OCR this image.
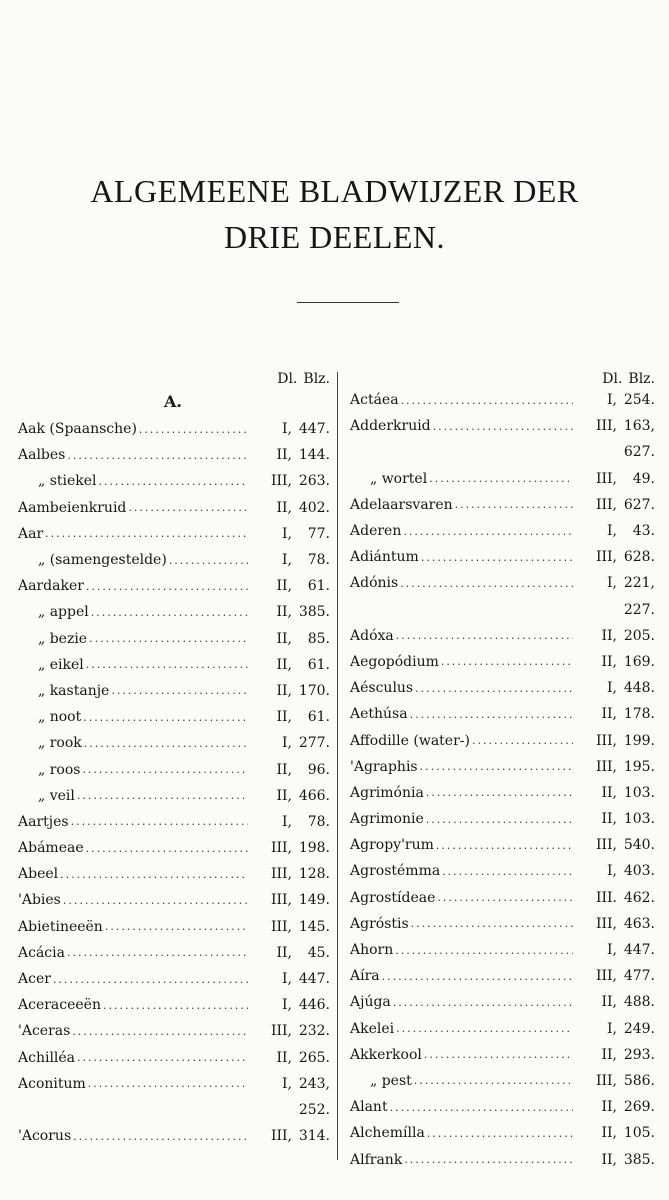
ALGEMEENE BLADWIJZER DER
DRIE DEELEN.
Dl. Blz.
A.
Aak (Spaansche) .....	I, 447.
Aalbes .....	II, 144.
„ stiekel .....	III, 263.
Aambeienkruid .....	II, 402.
Aar .....	I,	77.
„ (samengestelde) .....	I,	78.
Aardaker .....	II,	61.
„ appel .....	II, 385.
„ bezie .....	II,	85.
„ eikel .....	II,	61.
„ kastanje .....	II, 170.
„ noot .....	II,	61.
„ rook .....	I, 277.
„ roos .....	II,	96.
„ veil .....	II, 466.
Aartjes .....	I,	78.
Abámeae .....	III, 198.
Abeel .....	III, 128.
'Abies .....	III, 149.
Abietineeën .....	III, 145.
Acácia .....	II,	45.
Acer .....	I, 447.
Aceraceeën .....	I, 446.
'Aceras .....	III, 232.
Achilléa .....	II, 265.
Aconitum .....	I, 243,
252.
'Acorus .....	III, 314.
Dl. Blz.
Actáea .....	I, 254.
Adderkruid .....	III, 163,
627.
„ wortel .....	III,	49.
Adelaarsvaren .....	III, 627.
Aderen .....	I,	43.
Adiántum .....	III, 628.
Adónis .....	I, 221,
227.
Adóxa .....	II, 205.
Aegopódium .....	II, 169.
Aésculus .....	I, 448.
Aethúsa .....	II, 178.
Affodille (water-) .....	III, 199.
'Agraphis .....	III, 195.
Agrimónia .....	II, 103.
Agrimonie .....	II, 103.
Agropy'rum .....	III, 540.
Agrostémma .....	I, 403.
Agrostídeae .....	III. 462.
Agróstis .....	III, 463.
Ahorn .....	I, 447.
Aíra .....	III, 477.
Ajúga .....	II, 488.
Akelei .....	I, 249.
Akkerkool .....	II, 293.
„ pest .....	III, 586.
Alant .....	II, 269.
Alchemílla .....	II, 105.
Alfrank .....	II, 385.
